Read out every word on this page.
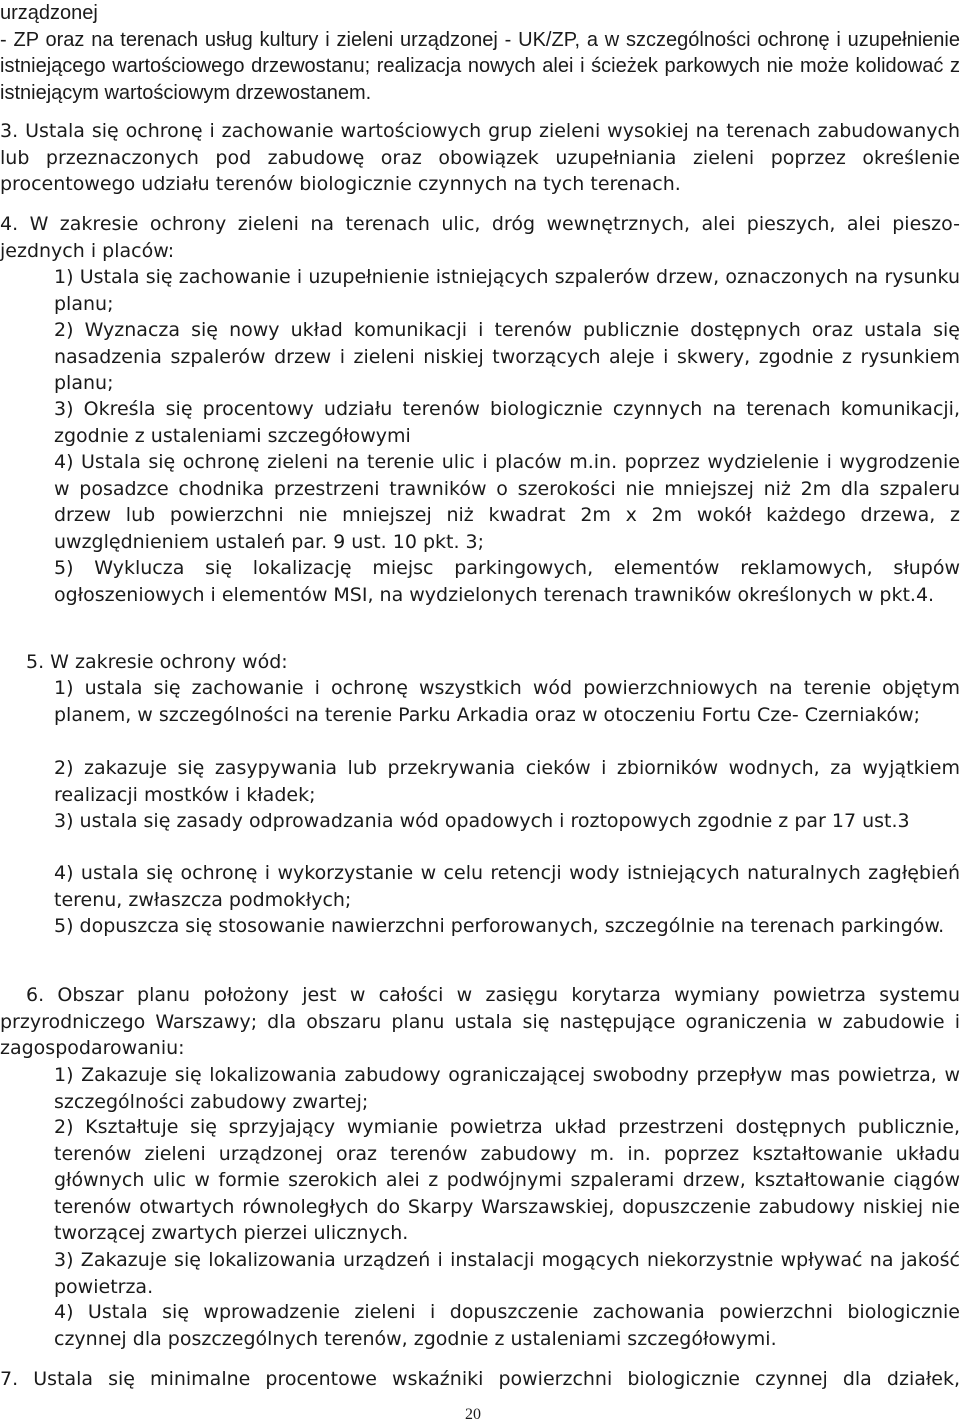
urządzonej
- ZP oraz na terenach usług kultury i zieleni urządzonej - UK/ZP, a w szczególności ochronę i uzupełnienie istniejącego wartościowego drzewostanu; realizacja nowych alei i ścieżek parkowych nie może kolidować z istniejącym wartościowym drzewostanem.

3. Ustala się ochronę i zachowanie wartościowych grup zieleni wysokiej na terenach zabudowanych lub przeznaczonych pod zabudowę oraz obowiązek uzupełniania zieleni poprzez określenie procentowego udziału terenów biologicznie czynnych na tych terenach.

4. W zakresie ochrony zieleni na terenach ulic, dróg wewnętrznych, alei pieszych, alei pieszo-jezdnych i placów:

1) Ustala się zachowanie i uzupełnienie istniejących szpalerów drzew, oznaczonych na rysunku planu;

2) Wyznacza się nowy układ komunikacji i terenów publicznie dostępnych oraz ustala się nasadzenia szpalerów drzew i zieleni niskiej tworzących aleje i skwery, zgodnie z rysunkiem planu;

3) Określa się procentowy udziału terenów biologicznie czynnych na terenach komunikacji, zgodnie z ustaleniami szczegółowymi

4) Ustala się ochronę zieleni na terenie ulic i placów m.in. poprzez wydzielenie i wygrodzenie w posadzce chodnika przestrzeni trawników o szerokości nie mniejszej niż 2m dla szpaleru drzew lub powierzchni nie mniejszej niż kwadrat 2m x 2m wokół każdego drzewa, z uwzględnieniem ustaleń par. 9 ust. 10 pkt. 3;

5) Wyklucza się lokalizację miejsc parkingowych, elementów reklamowych, słupów ogłoszeniowych i elementów MSI, na wydzielonych terenach trawników określonych w pkt.4.

5. W zakresie ochrony wód:

1) ustala się zachowanie i ochronę wszystkich wód powierzchniowych na terenie objętym planem, w szczególności na terenie Parku Arkadia oraz w otoczeniu Fortu Cze- Czerniaków;

2) zakazuje się zasypywania lub przekrywania cieków i zbiorników wodnych, za wyjątkiem realizacji mostków i kładek;

3) ustala się zasady odprowadzania wód opadowych i roztopowych zgodnie z par 17 ust.3

4) ustala się ochronę i wykorzystanie w celu retencji wody istniejących naturalnych zagłębień terenu, zwłaszcza podmokłych;

5) dopuszcza się stosowanie nawierzchni perforowanych, szczególnie na terenach parkingów.

6. Obszar planu położony jest w całości w zasięgu korytarza wymiany powietrza systemu przyrodniczego Warszawy; dla obszaru planu ustala się następujące ograniczenia w zabudowie i zagospodarowaniu:

1) Zakazuje się lokalizowania zabudowy ograniczającej swobodny przepływ mas powietrza, w szczególności zabudowy zwartej;

2) Kształtuje się sprzyjający wymianie powietrza układ przestrzeni dostępnych publicznie, terenów zieleni urządzonej oraz terenów zabudowy m. in. poprzez kształtowanie układu głównych ulic w formie szerokich alei z podwójnymi szpalerami drzew, kształtowanie ciągów terenów otwartych równoległych do Skarpy Warszawskiej, dopuszczenie zabudowy niskiej nie tworzącej zwartych pierzei ulicznych.

3) Zakazuje się lokalizowania urządzeń i instalacji mogących niekorzystnie wpływać na jakość powietrza.

4) Ustala się wprowadzenie zieleni i dopuszczenie zachowania powierzchni biologicznie czynnej dla poszczególnych terenów, zgodnie z ustaleniami szczegółowymi.

7. Ustala się minimalne procentowe wskaźniki powierzchni biologicznie czynnej dla działek,

20
